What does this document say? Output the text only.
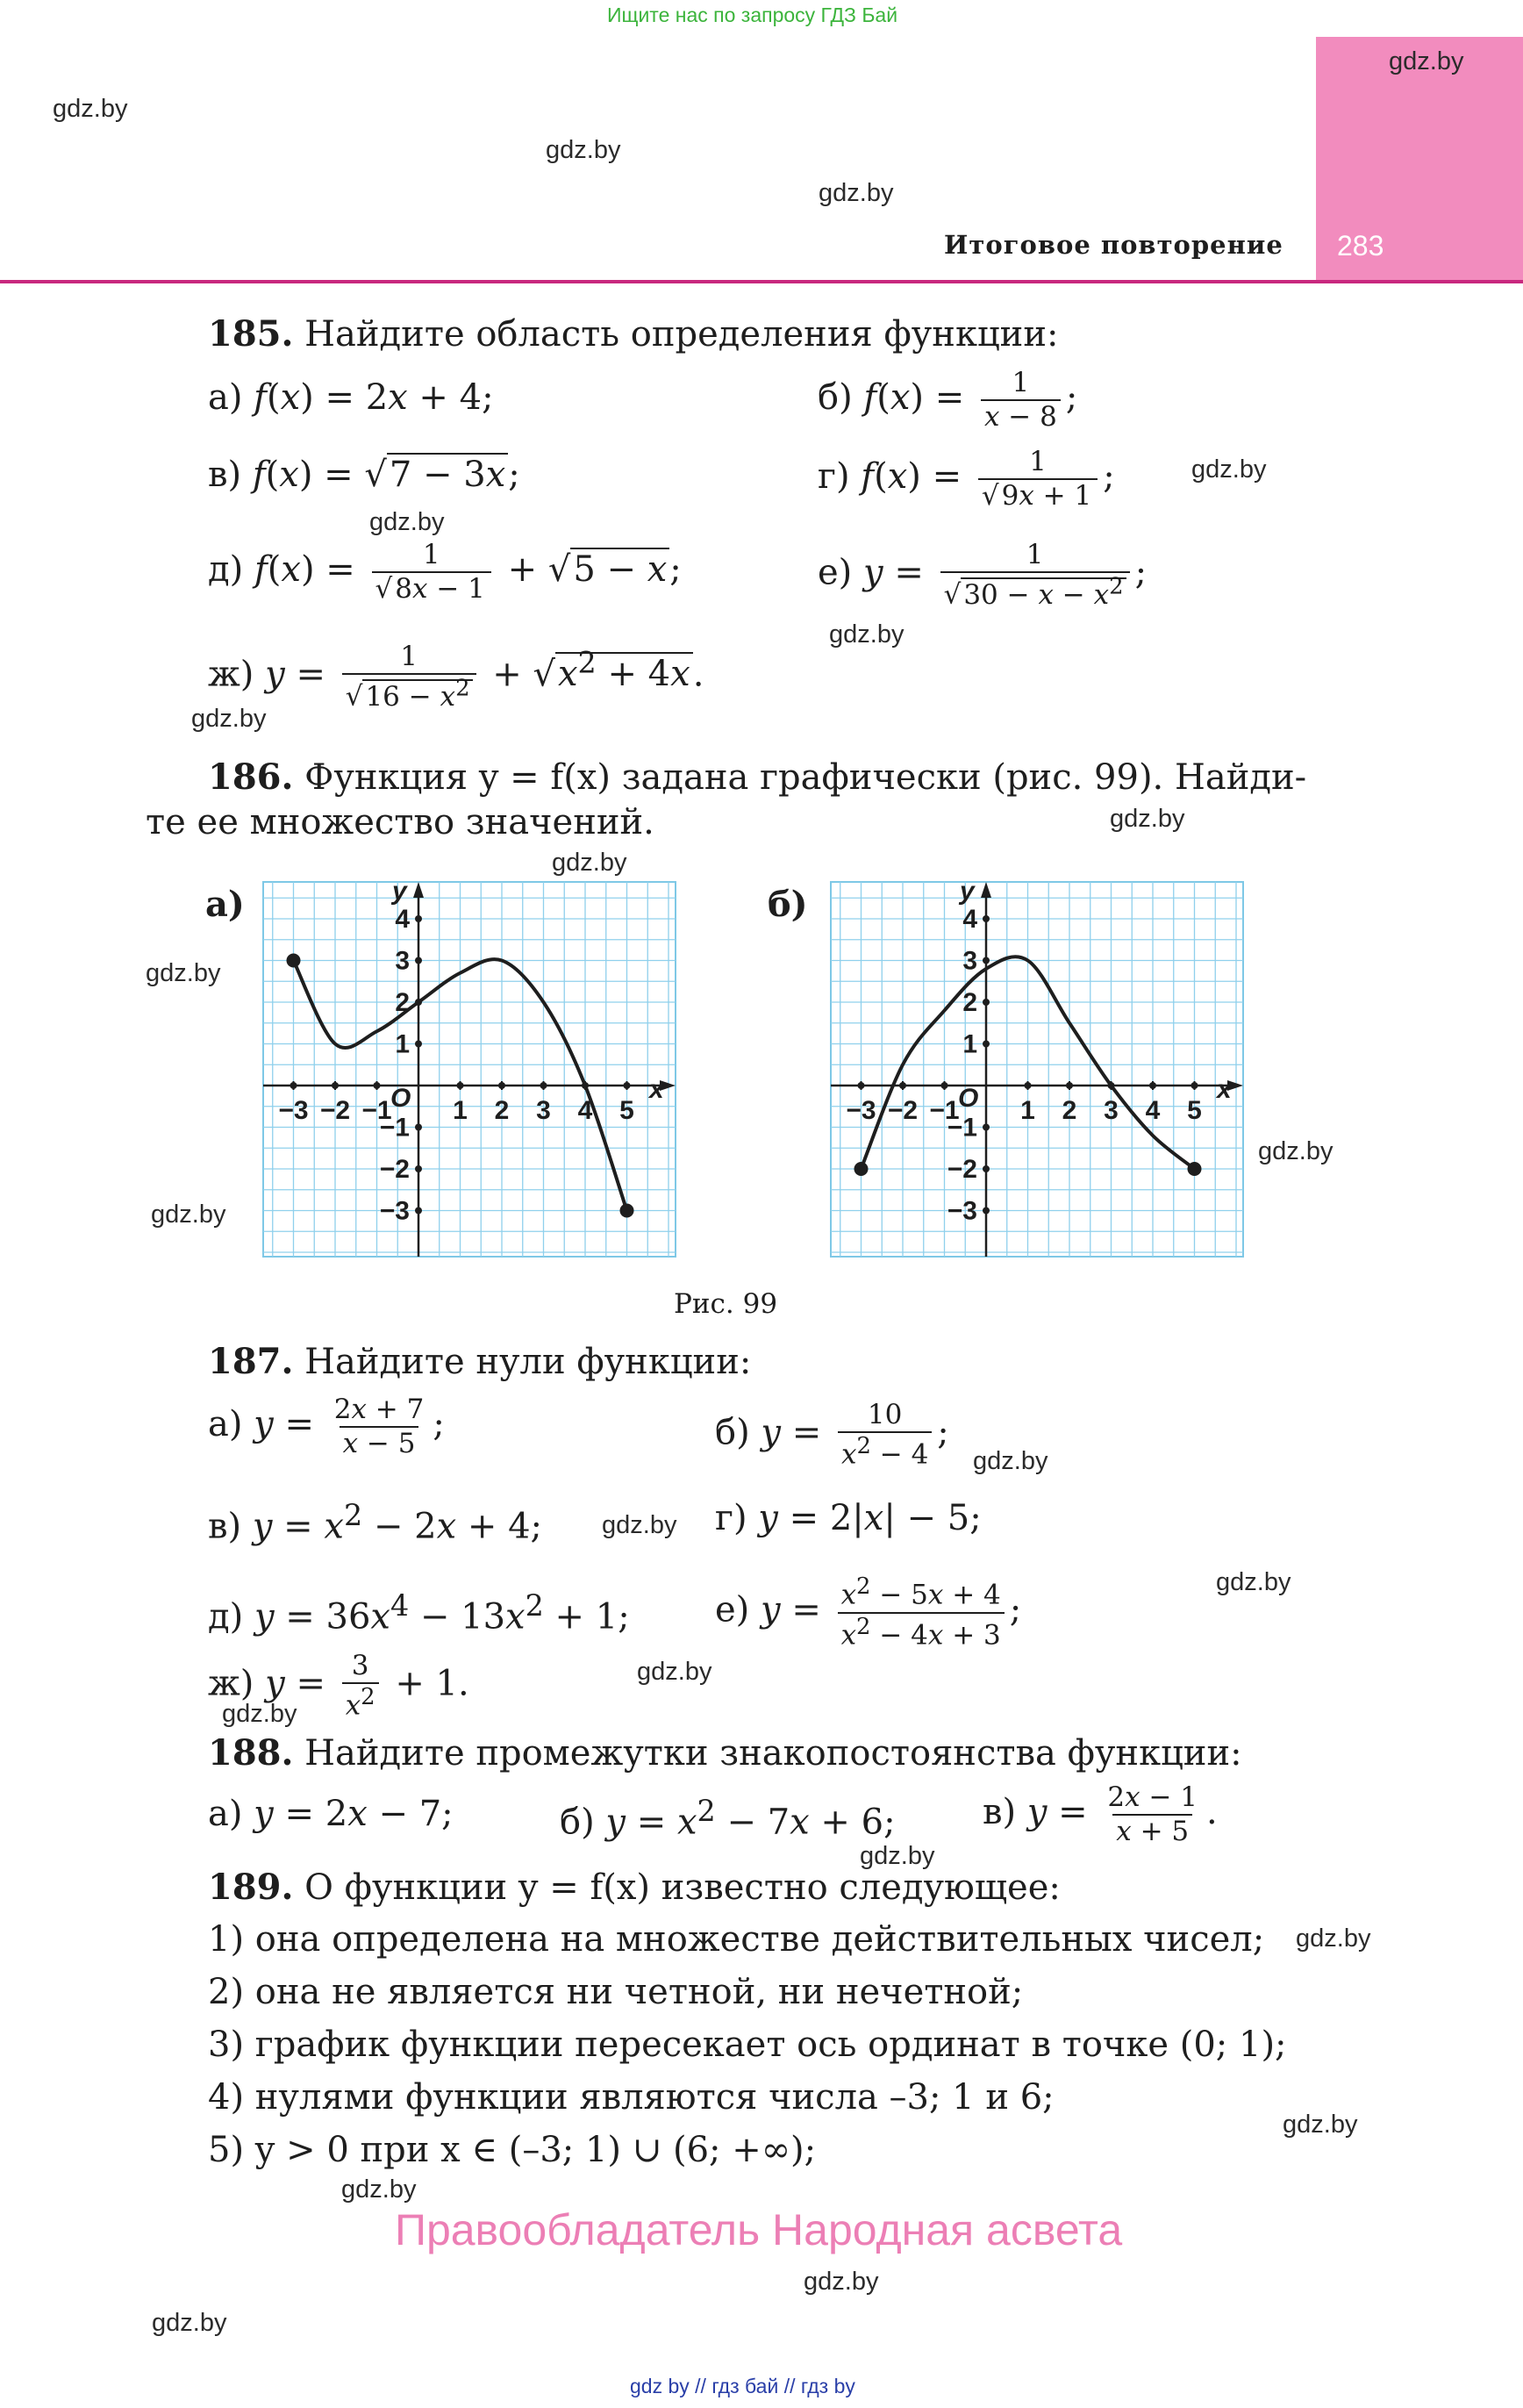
Ищите нас по запросу ГДЗ Бай
gdz.by
283
Итоговое повторение
gdz.by
gdz.by
gdz.by
gdz.by
gdz.by
gdz.by
gdz.by
gdz.by
gdz.by
gdz.by
gdz.by
gdz.by
gdz.by
gdz.by
gdz.by
gdz.by
gdz.by
gdz.by
gdz.by
gdz.by
gdz.by
gdz.by
gdz.by
185. Найдите область определения функции:
а) f(x) = 2x + 4;	б) $f(x) = \frac{1}{x - 8}$ ;
в) f(x) = √7 − 3x;	г) $f(x) = \frac{1}{√9x + 1}$ ;
д) $f(x) = \frac{1}{√8x - 1} + √5 - x$;	е) $y = \frac{1}{√30 - x - x^2}$ ;
ж) $y = \frac{1}{√16 - x^2} + √x^2 + 4x$.
186. Функция y = f(x) задана графически (рис. 99). Найди-
те ее множество значений.
а)	б)
x
y
O
−3 −2 −1 1 2 3 4 5
4
3
2
1
−1
−2
−3
x
y
O
−3 −2 −1 1 2 3 4 5
4
3
2
1
−1
−2
−3
Рис. 99
187. Найдите нули функции:
а) $y = \frac{2x + 7}{x - 5}$ ;	б) $y = \frac{10}{x^2 - 4}$ ;
в) $y = x^2 - 2x + 4$;	г) y = 2|x| − 5;
д) $y = 36x^4 - 13x^2 + 1$; е) $y = \frac{x^2 - 5x + 4}{x^2 - 4x + 3}$ ;
ж) $y = \frac{3}{x^2} + 1$.
188. Найдите промежутки знакопостоянства функции:
а) y = 2x − 7;	б) $y = x^2 - 7x + 6$; в) $y = \frac{2x - 1}{x + 5}$ .
189. О функции y = f(x) известно следующее:
1) она определена на множестве действительных чисел;
2) она не является ни четной, ни нечетной;
3) график функции пересекает ось ординат в точке (0; 1);
4) нулями функции являются числа –3; 1 и 6;
5) y > 0 при x ∈ (–3; 1) ∪ (6; +∞);
Правообладатель Народная асвета
gdz by // гдз бай // гдз by
